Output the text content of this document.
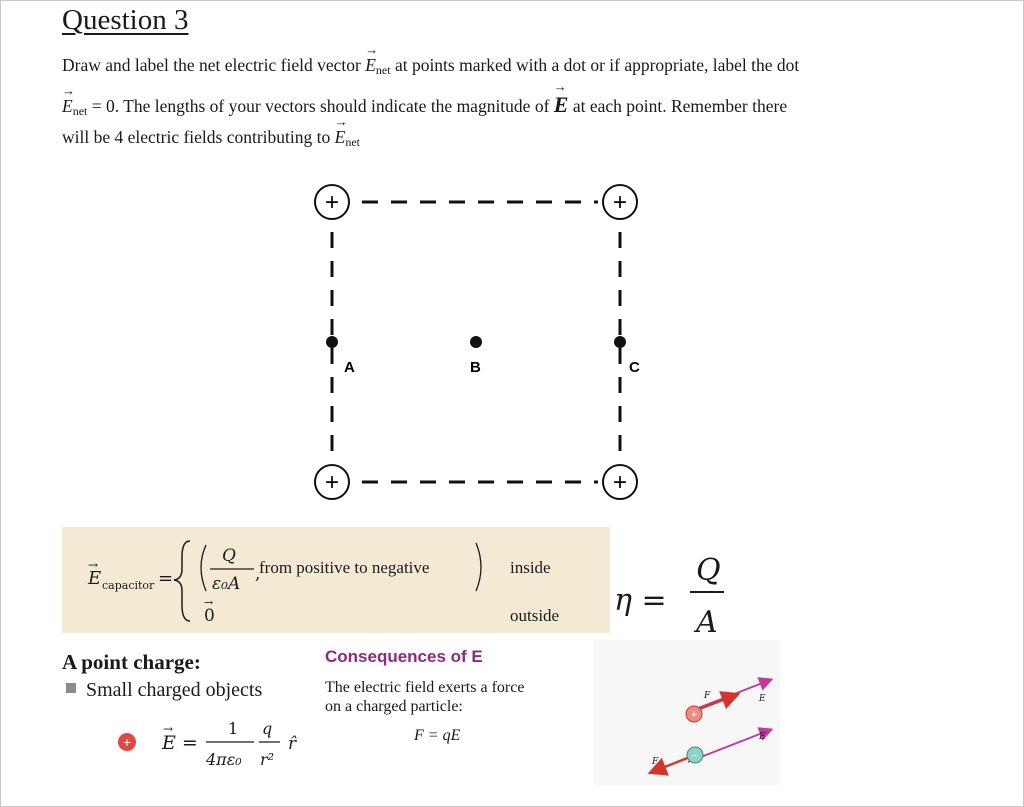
Question 3
Draw and label the net electric field vector → $E_{net}$ at points marked with a dot or if appropriate, label the dot
→ $E_{net} = 0$. The lengths of your vectors should indicate the magnitude of → E at each point. Remember there
will be 4 electric fields contributing to → $E_{net}$
+	+
+	+
A	B	C
E
→
capacitor =
Q
ε₀A ,
from positive to negative
0
→
inside
outside η =
Q
A
A point charge:
Small charged objects
+ E =
→	1
4πε₀
q
r²
r̂
Consequences of E
The electric field exerts a force
on a charged particle:
F = qE
+
−
F	E
E
F
